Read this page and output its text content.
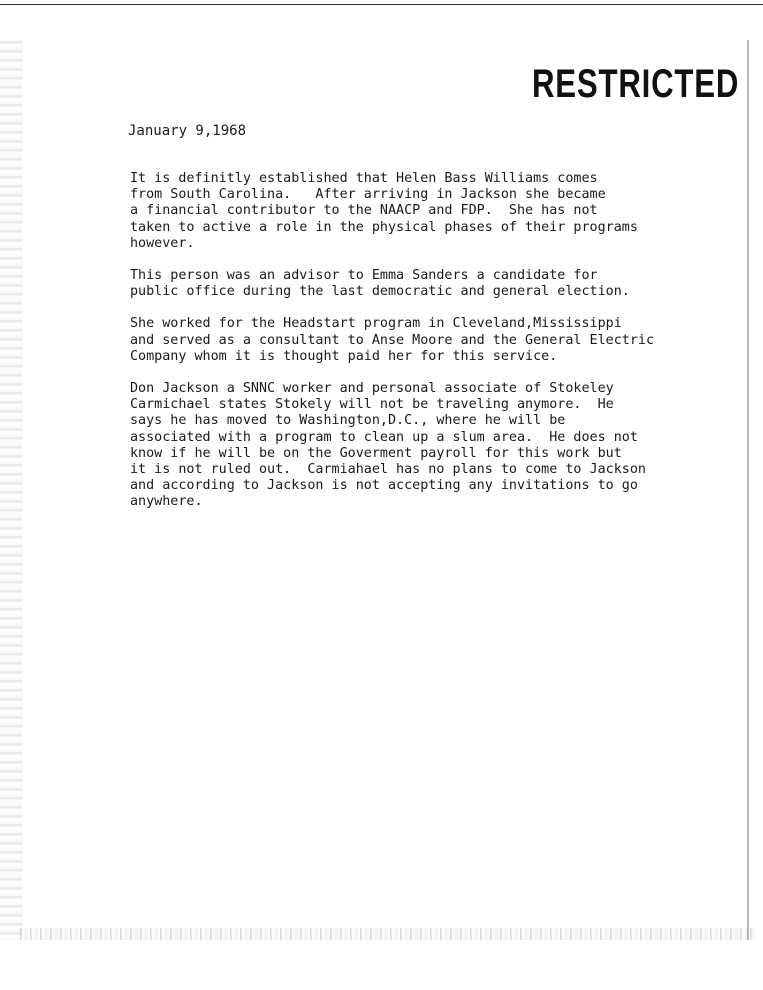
RESTRICTED
January 9,1968

It is definitly established that Helen Bass Williams comes
from South Carolina.   After arriving in Jackson she became
a financial contributor to the NAACP and FDP.  She has not
taken to active a role in the physical phases of their programs
however.

This person was an advisor to Emma Sanders a candidate for
public office during the last democratic and general election.

She worked for the Headstart program in Cleveland,Mississippi
and served as a consultant to Anse Moore and the General Electric
Company whom it is thought paid her for this service.

Don Jackson a SNNC worker and personal associate of Stokeley
Carmichael states Stokely will not be traveling anymore.  He
says he has moved to Washington,D.C., where he will be
associated with a program to clean up a slum area.  He does not
know if he will be on the Goverment payroll for this work but
it is not ruled out.  Carmiahael has no plans to come to Jackson
and according to Jackson is not accepting any invitations to go
anywhere.
